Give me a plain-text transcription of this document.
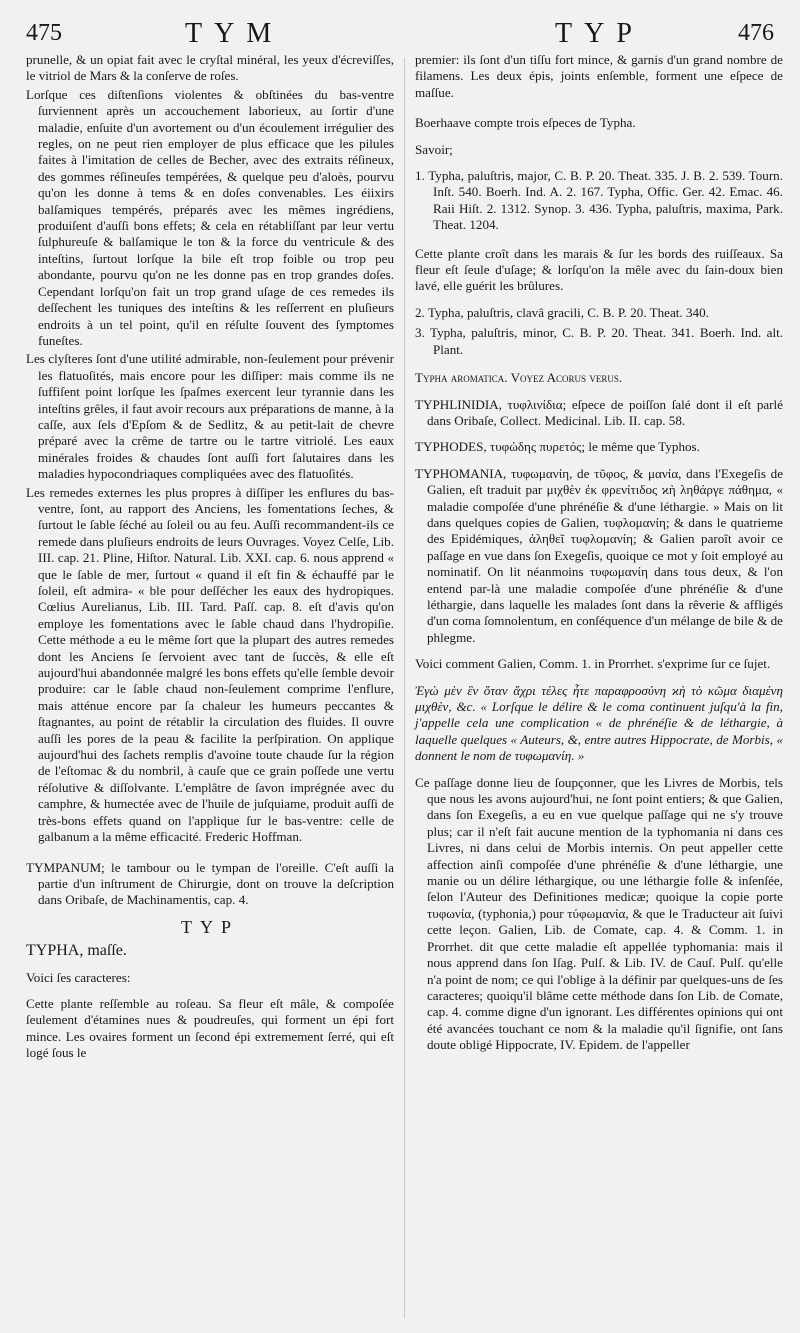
475	TYM	TYP	476

prunelle, & un opiat fait avec le cryſtal minéral, les yeux d'écreviſſes, le vitriol de Mars & la conſerve de roſes.

Lorſque ces diſtenſions violentes & obſtinées du bas-ventre ſurviennent après un accouchement laborieux, au ſortir d'une maladie, enſuite d'un avortement ou d'un écoulement irrégulier des regles, on ne peut rien employer de plus efficace que les pilules faites à l'imitation de celles de Becher, avec des extraits réſineux, des gommes réſineuſes tempérées, & quelque peu d'aloès, pourvu qu'on les donne à tems & en doſes convenables. Les éiixirs balſamiques tempérés, préparés avec les mêmes ingrédiens, produiſent d'auſſi bons effets; & cela en rétabliſſant par leur vertu ſulphureuſe & balſamique le ton & la force du ventricule & des inteſtins, ſurtout lorſque la bile eſt trop foible ou trop peu abondante, pourvu qu'on ne les donne pas en trop grandes doſes. Cependant lorſqu'on fait un trop grand uſage de ces remedes ils deſſechent les tuniques des inteſtins & les reſſerrent en pluſieurs endroits à un tel point, qu'il en réſulte ſouvent des ſymptomes funeſtes.

Les clyſteres ſont d'une utilité admirable, non-ſeulement pour prévenir les flatuoſités, mais encore pour les diſſiper: mais comme ils ne ſuffiſent point lorſque les ſpaſmes exercent leur tyrannie dans les inteſtins grêles, il faut avoir recours aux préparations de manne, à la caſſe, aux ſels d'Epſom & de Sedlitz, & au petit-lait de chevre préparé avec la crême de tartre ou le tartre vitriolé. Les eaux minérales froides & chaudes ſont auſſi fort ſalutaires dans les maladies hypocondriaques compliquées avec des flatuoſités.

Les remedes externes les plus propres à diſſiper les enflures du bas-ventre, ſont, au rapport des Anciens, les fomentations ſeches, & ſurtout le ſable ſéché au ſoleil ou au feu. Auſſi recommandent-ils ce remede dans pluſieurs endroits de leurs Ouvrages. Voyez Celſe, Lib. III. cap. 21. Pline, Hiſtor. Natural. Lib. XXI. cap. 6. nous apprend « que le ſable de mer, ſurtout « quand il eſt fin & échauffé par le ſoleil, eſt admira- « ble pour deſſécher les eaux des hydropiques. Cœlius Aurelianus, Lib. III. Tard. Paſſ. cap. 8. eſt d'avis qu'on employe les fomentations avec le ſable chaud dans l'hydropiſie. Cette méthode a eu le même ſort que la plupart des autres remedes dont les Anciens ſe ſervoient avec tant de ſuccès, & elle eſt aujourd'hui abandonnée malgré les bons effets qu'elle ſemble devoir produire: car le ſable chaud non-ſeulement comprime l'enflure, mais atténue encore par ſa chaleur les humeurs peccantes & ſtagnantes, au point de rétablir la circulation des fluides. Il ouvre auſſi les pores de la peau & facilite la perſpiration. On applique aujourd'hui des ſachets remplis d'avoine toute chaude ſur la région de l'eſtomac & du nombril, à cauſe que ce grain poſſede une vertu réſolutive & diſſolvante. L'emplâtre de ſavon imprégnée avec du camphre, & humectée avec de l'huile de juſquiame, produit auſſi de très-bons effets quand on l'applique ſur le bas-ventre: celle de galbanum a la même efficacité. Frederic Hoffman.

TYMPANUM; le tambour ou le tympan de l'oreille. C'eſt auſſi la partie d'un inſtrument de Chirurgie, dont on trouve la deſcription dans Oribaſe, de Machinamentis, cap. 4.

TYP

TYPHA, maſſe.

Voici ſes caracteres:

Cette plante reſſemble au roſeau. Sa fleur eſt mâle, & compoſée ſeulement d'étamines nues & poudreuſes, qui forment un épi fort mince. Les ovaires forment un ſecond épi extremement ſerré, qui eſt logé ſous le

premier: ils ſont d'un tiſſu fort mince, & garnis d'un grand nombre de filamens. Les deux épis, joints enſemble, forment une eſpece de maſſue.

Boerhaave compte trois eſpeces de Typha.

Savoir;

1. Typha, paluſtris, major, C. B. P. 20. Theat. 335. J. B. 2. 539. Tourn. Inſt. 540. Boerh. Ind. A. 2. 167. Typha, Offic. Ger. 42. Emac. 46. Raii Hiſt. 2. 1312. Synop. 3. 436. Typha, paluſtris, maxima, Park. Theat. 1204.

Cette plante croît dans les marais & ſur les bords des ruiſſeaux. Sa fleur eſt ſeule d'uſage; & lorſqu'on la mêle avec du ſain-doux bien lavé, elle guérit les brûlures.

2. Typha, paluſtris, clavâ gracili, C. B. P. 20. Theat. 340.
3. Typha, paluſtris, minor, C. B. P. 20. Theat. 341. Boerh. Ind. alt. Plant.

Typha aromatica. Voyez Acorus verus.

TYPHLINIDIA, τυφλινίδια; eſpece de poiſſon ſalé dont il eſt parlé dans Oribaſe, Collect. Medicinal. Lib. II. cap. 58.

TYPHODES, τυφώδης πυρετός; le même que Typhos.

TYPHOMANIA, τυφωμανίη, de τῦφος, & μανία, dans l'Exegeſis de Galien, eſt traduit par μιχθὲν ἐκ φρενίτιδος ϰὴ ληθάργε πάθημα, « maladie compoſée d'une phrénéſie & d'une léthargie. » Mais on lit dans quelques copies de Galien, τυφλομανίη; & dans le quatrieme des Epidémiques, ἀληθεῖ τυφλομανίη; & Galien paroît avoir ce paſſage en vue dans ſon Exegeſis, quoique ce mot y ſoit employé au nominatif. On lit néanmoins τυφωμανίη dans tous deux, & l'on entend par-là une maladie compoſée d'une phrénéſie & d'une léthargie, dans laquelle les malades ſont dans la rêverie & affligés d'un coma ſomnolentum, en conſéquence d'un mélange de bile & de phlegme.

Voici comment Galien, Comm. 1. in Prorrhet. s'exprime ſur ce ſujet.

Ἐγὼ μὲν ἓν ὅταν ἄχρι τέλες ἦτε παραφροσύνη ϰὴ τὸ κῶμα διαμένη μιχθὲν, &c. « Lorſque le délire & le coma continuent juſqu'à la fin, j'appelle cela une complication « de phrénéſie & de léthargie, à laquelle quelques « Auteurs, &, entre autres Hippocrate, de Morbis, « donnent le nom de τυφωμανίη. »

Ce paſſage donne lieu de ſoupçonner, que les Livres de Morbis, tels que nous les avons aujourd'hui, ne ſont point entiers; & que Galien, dans ſon Exegeſis, a eu en vue quelque paſſage qui ne s'y trouve plus; car il n'eſt fait aucune mention de la typhomania ni dans ces Livres, ni dans celui de Morbis internis. On peut appeller cette affection ainſi compoſée d'une phrénéſie & d'une léthargie, une manie ou un délire léthargique, ou une léthargie folle & inſenſée, ſelon l'Auteur des Definitiones medicæ; quoique la copie porte τυφωνία, (typhonia,) pour τύφωμανία, & que le Traducteur ait ſuivi cette leçon. Galien, Lib. de Comate, cap. 4. & Comm. 1. in Prorrhet. dit que cette maladie eſt appellée typhomania: mais il nous apprend dans ſon Iſag. Pulſ. & Lib. IV. de Cauſ. Pulſ. qu'elle n'a point de nom; ce qui l'oblige à la définir par quelques-uns de ſes caracteres; quoiqu'il blâme cette méthode dans ſon Lib. de Comate, cap. 4. comme digne d'un ignorant. Les différentes opinions qui ont été avancées touchant ce nom & la maladie qu'il ſignifie, ont ſans doute obligé Hippocrate, IV. Epidem. de l'appeller
